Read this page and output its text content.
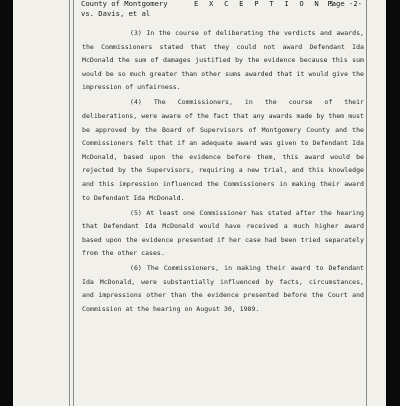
County of Montgomery
vs. Davis, et al
E X C E P T I O N S
Page -2-

(3) In the course of deliberating the verdicts and awards, the Commissioners stated that they could not award Defendant Ida McDonald the sum of damages justified by the evidence because this sum would be so much greater than other sums awarded that it would give the impression of unfairness.

(4) The Commissioners, in the course of their deliberations, were aware of the fact that any awards made by them must be approved by the Board of Supervisors of Montgomery County and the Commissioners felt that if an adequate award was given to Defendant Ida McDonald, based upon the evidence before them, this award would be rejected by the Supervisors, requiring a new trial, and this knowledge and this impression influenced the Commissioners in making their award to Defendant Ida McDonald.

(5) At least one Commissioner has stated after the hearing that Defendant Ida McDonald would have received a much higher award based upon the evidence presented if her case had been tried separately from the other cases.

(6) The Commissioners, in making their award to Defendant Ida McDonald, were substantially influenced by facts, circumstances, and impressions other than the evidence presented before the Court and Commission at the hearing on August 30, 1989.
